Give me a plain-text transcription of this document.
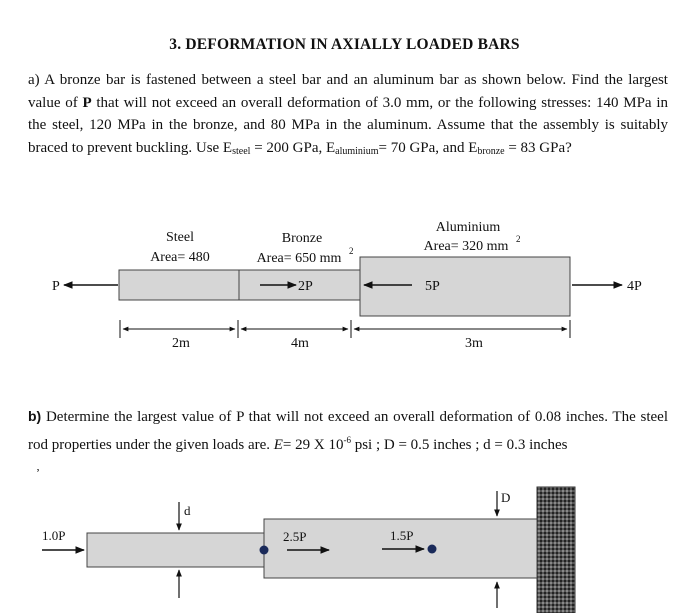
3. DEFORMATION IN AXIALLY LOADED BARS
a) A bronze bar is fastened between a steel bar and an aluminum bar as shown below. Find the largest value of P that will not exceed an overall deformation of 3.0 mm, or the following stresses: 140 MPa in the steel, 120 MPa in the bronze, and 80 MPa in the aluminum. Assume that the assembly is suitably braced to prevent buckling. Use $E_{steel} = 200$ GPa, $E_{aluminium}= 70$ GPa, and $E_{bronze} = 83$ GPa?
b) Determine the largest value of P that will not exceed an overall deformation of 0.08 inches. The steel rod properties under the given loads are. E= 29 X $10^{-6}$ psi ; D = 0.5 inches ; d = 0.3 inches
Steel
Area= 480
Bronze
Area= 650 mm 2
Aluminium
Area= 320 mm 2
P	2P	5P	4P
2m	4m	3m
‚
1.0P	2.5P	1.5P
d
D
